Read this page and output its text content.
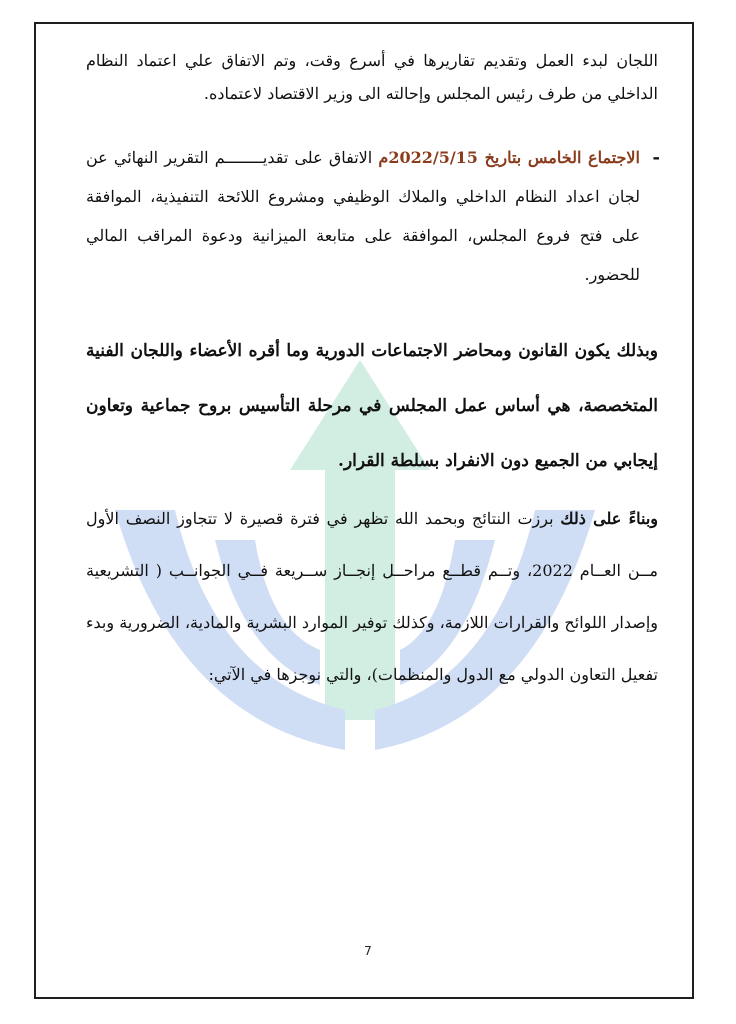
اللجان لبدء العمل وتقديم تقاريرها في أسرع وقت، وتم الاتفاق علي اعتماد النظام الداخلي من طرف رئيس المجلس وإحالته الى وزير الاقتصاد لاعتماده.

-
الاجتماع الخامس بتاريخ 2022/5/15م الاتفاق على تقديــــــــم التقرير النهائي عن لجان اعداد النظام الداخلي والملاك الوظيفي ومشروع اللائحة التنفيذية، الموافقة على فتح فروع المجلس، الموافقة على متابعة الميزانية ودعوة المراقب المالي للحضور.

وبذلك يكون القانون ومحاضر الاجتماعات الدورية وما أقره الأعضاء واللجان الفنية المتخصصة، هي أساس عمل المجلس في مرحلة التأسيس بروح جماعية وتعاون إيجابي من الجميع دون الانفراد بسلطة القرار.

وبناءً على ذلك برزت النتائج وبحمد الله تظهر في فترة قصيرة لا تتجاوز النصف الأول مــن العــام 2022، وتــم قطــع مراحــل إنجــاز ســريعة فــي الجوانــب ( التشريعية وإصدار اللوائح والقرارات اللازمة، وكذلك توفير الموارد البشرية والمادية، الضرورية وبدء تفعيل التعاون الدولي مع الدول والمنظمات)، والتي نوجزها في الآتي:

7
